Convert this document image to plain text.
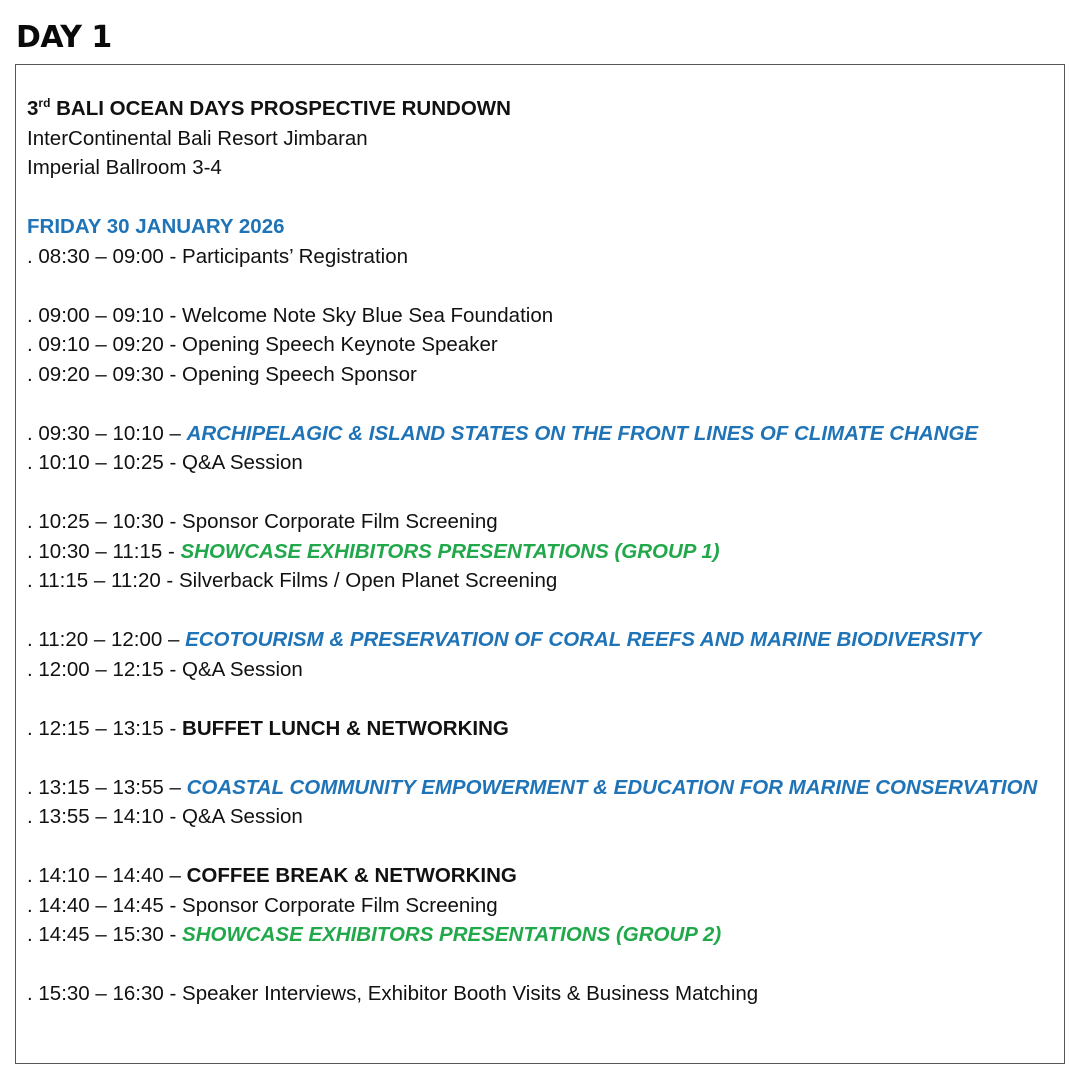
DAY 1
3rd BALI OCEAN DAYS PROSPECTIVE RUNDOWN
InterContinental Bali Resort Jimbaran
Imperial Ballroom 3-4
FRIDAY 30 JANUARY 2026
. 08:30 – 09:00 - Participants’ Registration
. 09:00 – 09:10 - Welcome Note Sky Blue Sea Foundation
. 09:10 – 09:20 - Opening Speech Keynote Speaker
. 09:20 – 09:30 - Opening Speech Sponsor
. 09:30 – 10:10 – ARCHIPELAGIC & ISLAND STATES ON THE FRONT LINES OF CLIMATE CHANGE
. 10:10 – 10:25 - Q&A Session
. 10:25 – 10:30 - Sponsor Corporate Film Screening
. 10:30 – 11:15 - SHOWCASE EXHIBITORS PRESENTATIONS (GROUP 1)
. 11:15 – 11:20 - Silverback Films / Open Planet Screening
. 11:20 – 12:00 – ECOTOURISM & PRESERVATION OF CORAL REEFS AND MARINE BIODIVERSITY
. 12:00 – 12:15 - Q&A Session
. 12:15 – 13:15 - BUFFET LUNCH & NETWORKING
. 13:15 – 13:55 – COASTAL COMMUNITY EMPOWERMENT & EDUCATION FOR MARINE CONSERVATION
. 13:55 – 14:10 - Q&A Session
. 14:10 – 14:40 – COFFEE BREAK & NETWORKING
. 14:40 – 14:45 - Sponsor Corporate Film Screening
. 14:45 – 15:30 - SHOWCASE EXHIBITORS PRESENTATIONS (GROUP 2)
. 15:30 – 16:30 - Speaker Interviews, Exhibitor Booth Visits & Business Matching
